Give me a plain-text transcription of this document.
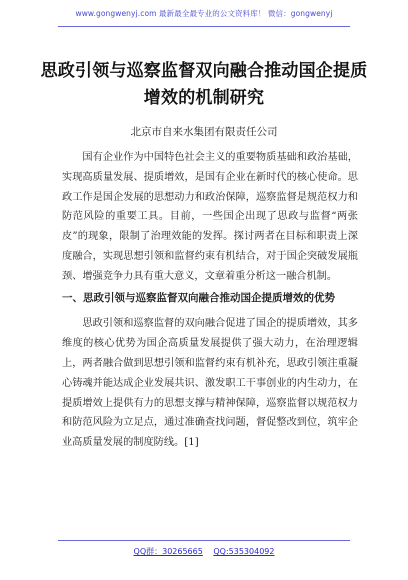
www.gongwenyj.com 最新最全最专业的公文资料库！ 微信：gongwenyj
思政引领与巡察监督双向融合推动国企提质增效的机制研究
北京市自来水集团有限责任公司

国有企业作为中国特色社会主义的重要物质基础和政治基础，实现高质量发展、提质增效，是国有企业在新时代的核心使命。思政工作是国企发展的思想动力和政治保障，巡察监督是规范权力和防范风险的重要工具。目前，一些国企出现了思政与监督“两张皮”的现象，限制了治理效能的发挥。探讨两者在目标和职责上深度融合，实现思想引领和监督约束有机结合，对于国企突破发展瓶颈、增强竞争力具有重大意义，文章着重分析这一融合机制。

一、思政引领与巡察监督双向融合推动国企提质增效的优势

思政引领和巡察监督的双向融合促进了国企的提质增效，其多维度的核心优势为国企高质量发展提供了强大动力，在治理逻辑上，两者融合做到思想引领和监督约束有机补充，思政引领注重凝心铸魂并能达成企业发展共识、激发职工干事创业的内生动力，在提质增效上提供有力的思想支撑与精神保障，巡察监督以规范权力和防范风险为立足点，通过准确查找问题，督促整改到位，筑牢企业高质量发展的制度防线。[1]

QQ群：30265665 QQ:535304092
